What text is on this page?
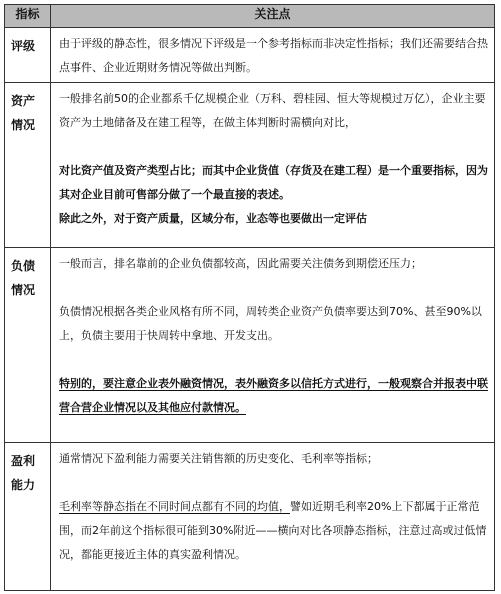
指标	关注点
评级	由于评级的静态性，很多情况下评级是一个参考指标而非决定性指标；我们还需要结合热点事件、企业近期财务情况等做出判断。

资产情况	一般排名前50的企业都系千亿规模企业（万科、碧桂园、恒大等规模过万亿），企业主要资产为土地储备及在建工程等，在做主体判断时需横向对比，

对比资产值及资产类型占比；而其中企业货值（存货及在建工程）是一个重要指标，因为其对企业目前可售部分做了一个最直接的表述。

除此之外，对于资产质量，区域分布，业态等也要做出一定评估

负债情况	一般而言，排名靠前的企业负债都较高，因此需要关注债务到期偿还压力；

负债情况根据各类企业风格有所不同，周转类企业资产负债率要达到70%、甚至90%以上，负债主要用于快周转中拿地、开发支出。

特别的，要注意企业表外融资情况，表外融资多以信托方式进行，一般观察合并报表中联营合营企业情况以及其他应付款情况。

盈利能力	通常情况下盈利能力需要关注销售额的历史变化、毛利率等指标；

毛利率等静态指在不同时间点都有不同的均值，譬如近期毛利率20%上下都属于正常范围，而2年前这个指标很可能到30%附近——横向对比各项静态指标，注意过高或过低情况，都能更接近主体的真实盈利情况。
